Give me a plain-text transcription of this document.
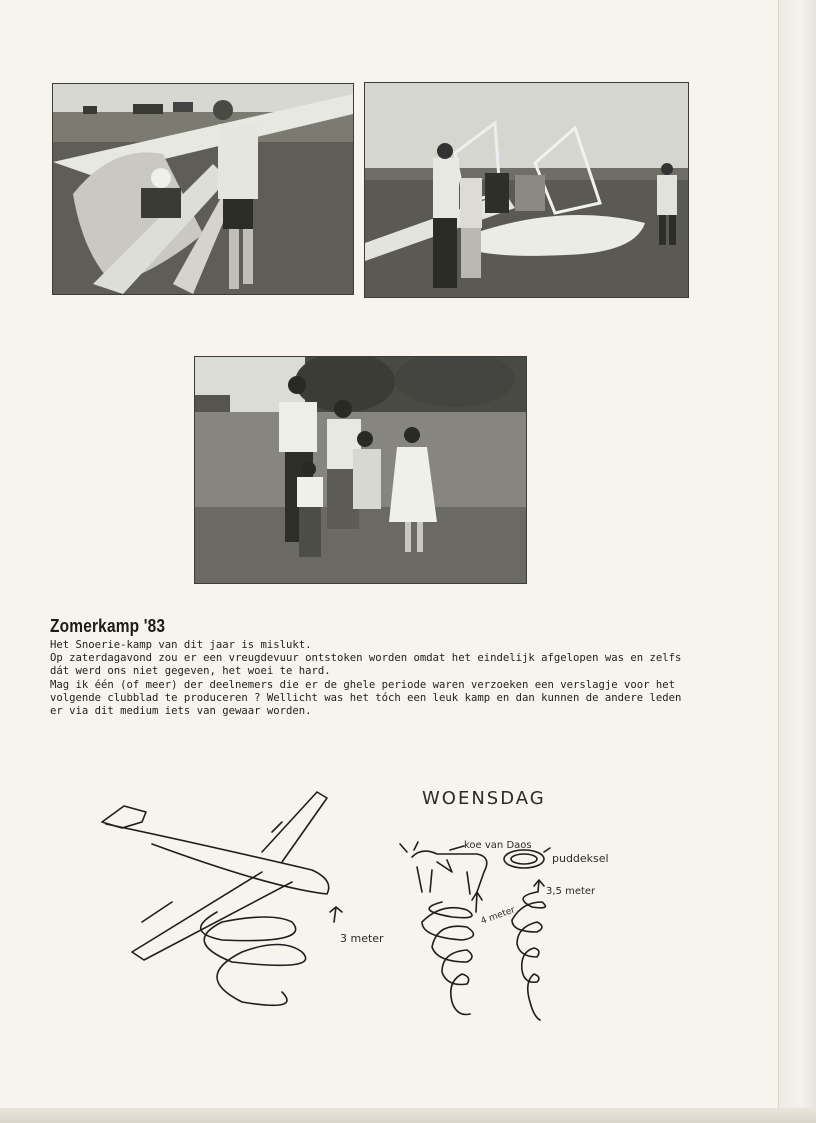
Zomerkamp '83
Het Snoerie-kamp van dit jaar is mislukt.
Op zaterdagavond zou er een vreugdevuur ontstoken worden omdat het eindelijk afgelopen was en zelfs
dát werd ons niet gegeven, het woei te hard.
Mag ik één (of meer) der deelnemers die er de ghele periode waren verzoeken een verslagje voor het
volgende clubblad te produceren ? Wellicht was het tóch een leuk kamp en dan kunnen de andere leden
er via dit medium iets van gewaar worden.
WOENSDAG
3 meter
koe van Daos
puddeksel
4 meter
3,5 meter
